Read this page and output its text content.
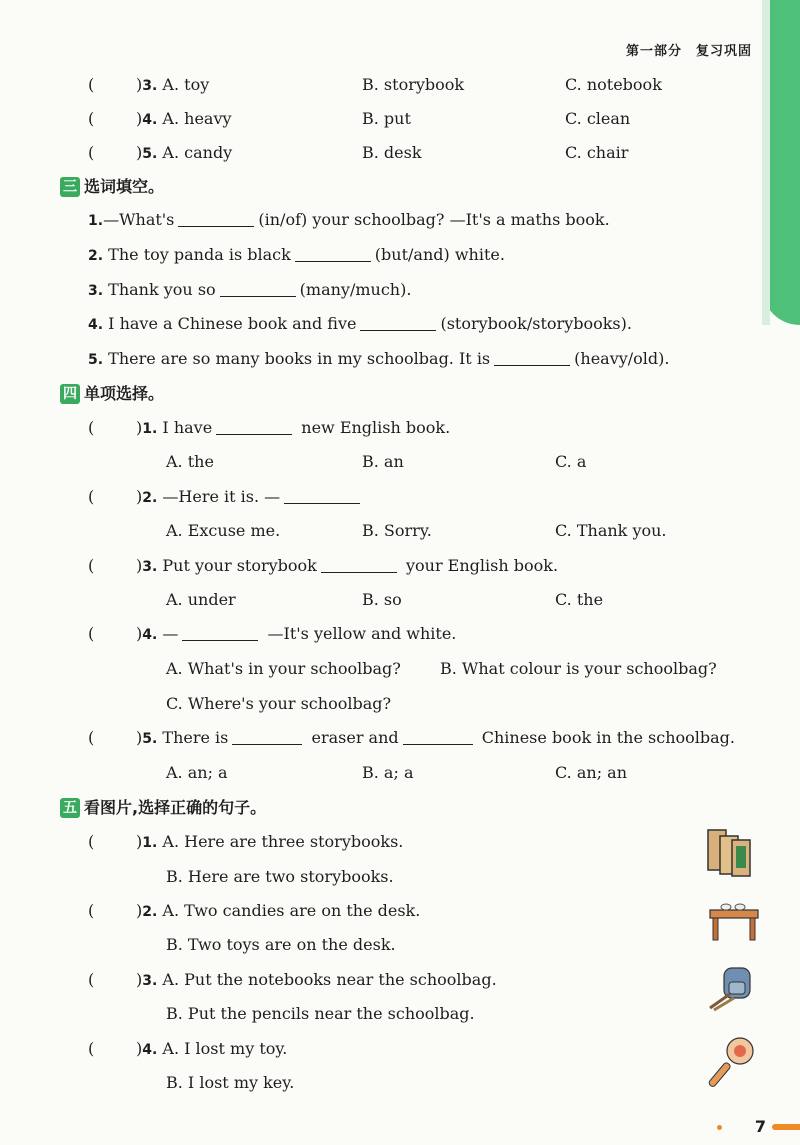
第一部分 复习巩固
(	)3. A. toy	B. storybook	C. notebook
(	)4. A. heavy	B. put	C. clean
(	)5. A. candy	B. desk	C. chair
三 选词填空。
1.—What's	(in/of) your schoolbag? —It's a maths book.
2. The toy panda is black	(but/and) white.
3. Thank you so	(many/much).
4. I have a Chinese book and five	(storybook/storybooks).
5. There are so many books in my schoolbag. It is	(heavy/old).
四 单项选择。
(	)1. I have	new English book.
A. the	B. an	C. a
(	)2. —Here it is. —
A. Excuse me.	B. Sorry.	C. Thank you.
(	)3. Put your storybook	your English book.
A. under	B. so	C. the
(	)4. —	—It's yellow and white.
A. What's in your schoolbag? B. What colour is your schoolbag?
C. Where's your schoolbag?
(	)5. There is	eraser and	Chinese book in the schoolbag.
A. an; a	B. a; a	C. an; an
五 看图片,选择正确的句子。
(	)1. A. Here are three storybooks.
B. Here are two storybooks.
(	)2. A. Two candies are on the desk.
B. Two toys are on the desk.
(	)3. A. Put the notebooks near the schoolbag.
B. Put the pencils near the schoolbag.
(	)4. A. I lost my toy.
B. I lost my key.
7
